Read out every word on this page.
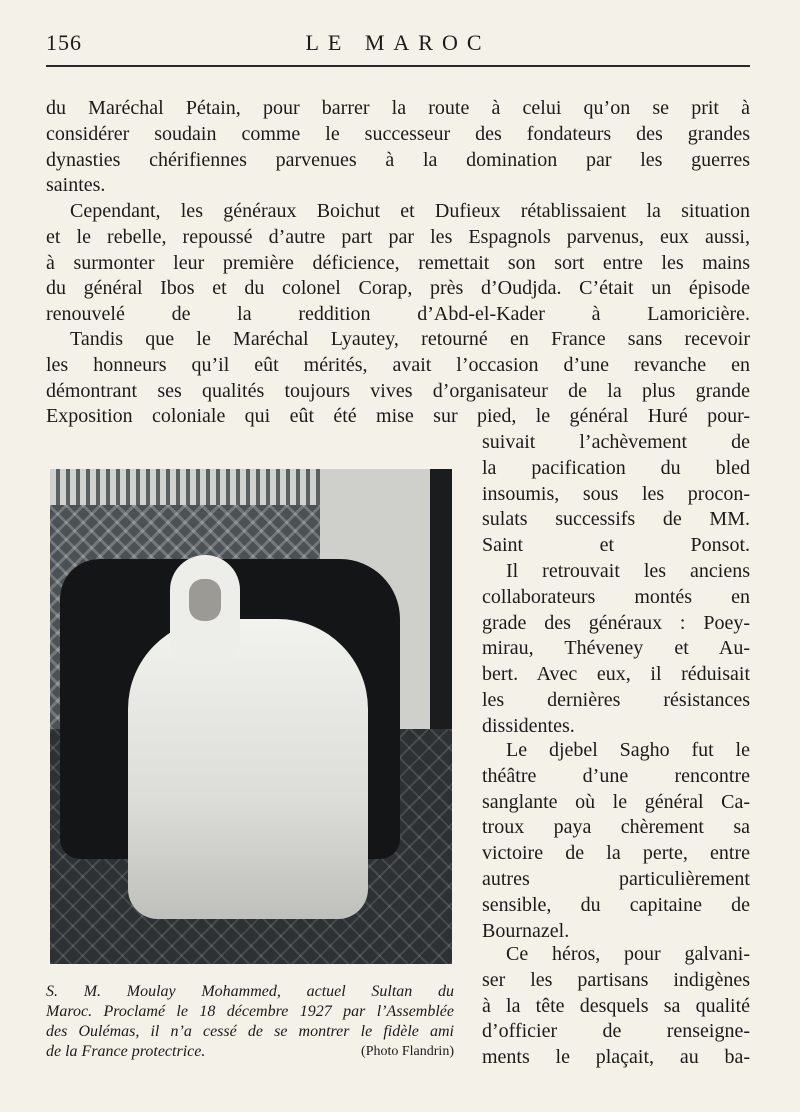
156	LE MAROC
du Maréchal Pétain, pour barrer la route à celui qu’on se prit à
considérer soudain comme le successeur des fondateurs des grandes
dynasties chérifiennes parvenues à la domination par les guerres
saintes.
Cependant, les généraux Boichut et Dufieux rétablissaient la situation
et le rebelle, repoussé d’autre part par les Espagnols parvenus, eux aussi,
à surmonter leur première déficience, remettait son sort entre les mains
du général Ibos et du colonel Corap, près d’Oudjda. C’était un épisode
renouvelé de la reddition d’Abd-el-Kader à Lamoricière.
Tandis que le Maréchal Lyautey, retourné en France sans recevoir
les honneurs qu’il eût mérités, avait l’occasion d’une revanche en
démontrant ses qualités toujours vives d’organisateur de la plus grande
Exposition coloniale qui eût été mise sur pied, le général Huré pour-
suivait l’achèvement de
la pacification du bled
insoumis, sous les procon-
sulats successifs de MM.
Saint et Ponsot.
Il retrouvait les anciens
collaborateurs montés en
grade des généraux : Poey-
mirau, Théveney et Au-
bert. Avec eux, il réduisait
les dernières résistances
dissidentes.
Le djebel Sagho fut le
théâtre d’une rencontre
sanglante où le général Ca-
troux paya chèrement sa
victoire de la perte, entre
autres particulièrement
sensible, du capitaine de
Bournazel.
Ce héros, pour galvani-
ser les partisans indigènes
à la tête desquels sa qualité
d’officier de renseigne-
ments le plaçait, au ba-
S. M. Moulay Mohammed, actuel Sultan du
Maroc. Proclamé le 18 décembre 1927 par l’Assemblée
des Oulémas, il n’a cessé de se montrer le fidèle ami
de la France protectrice.	(Photo Flandrin)
